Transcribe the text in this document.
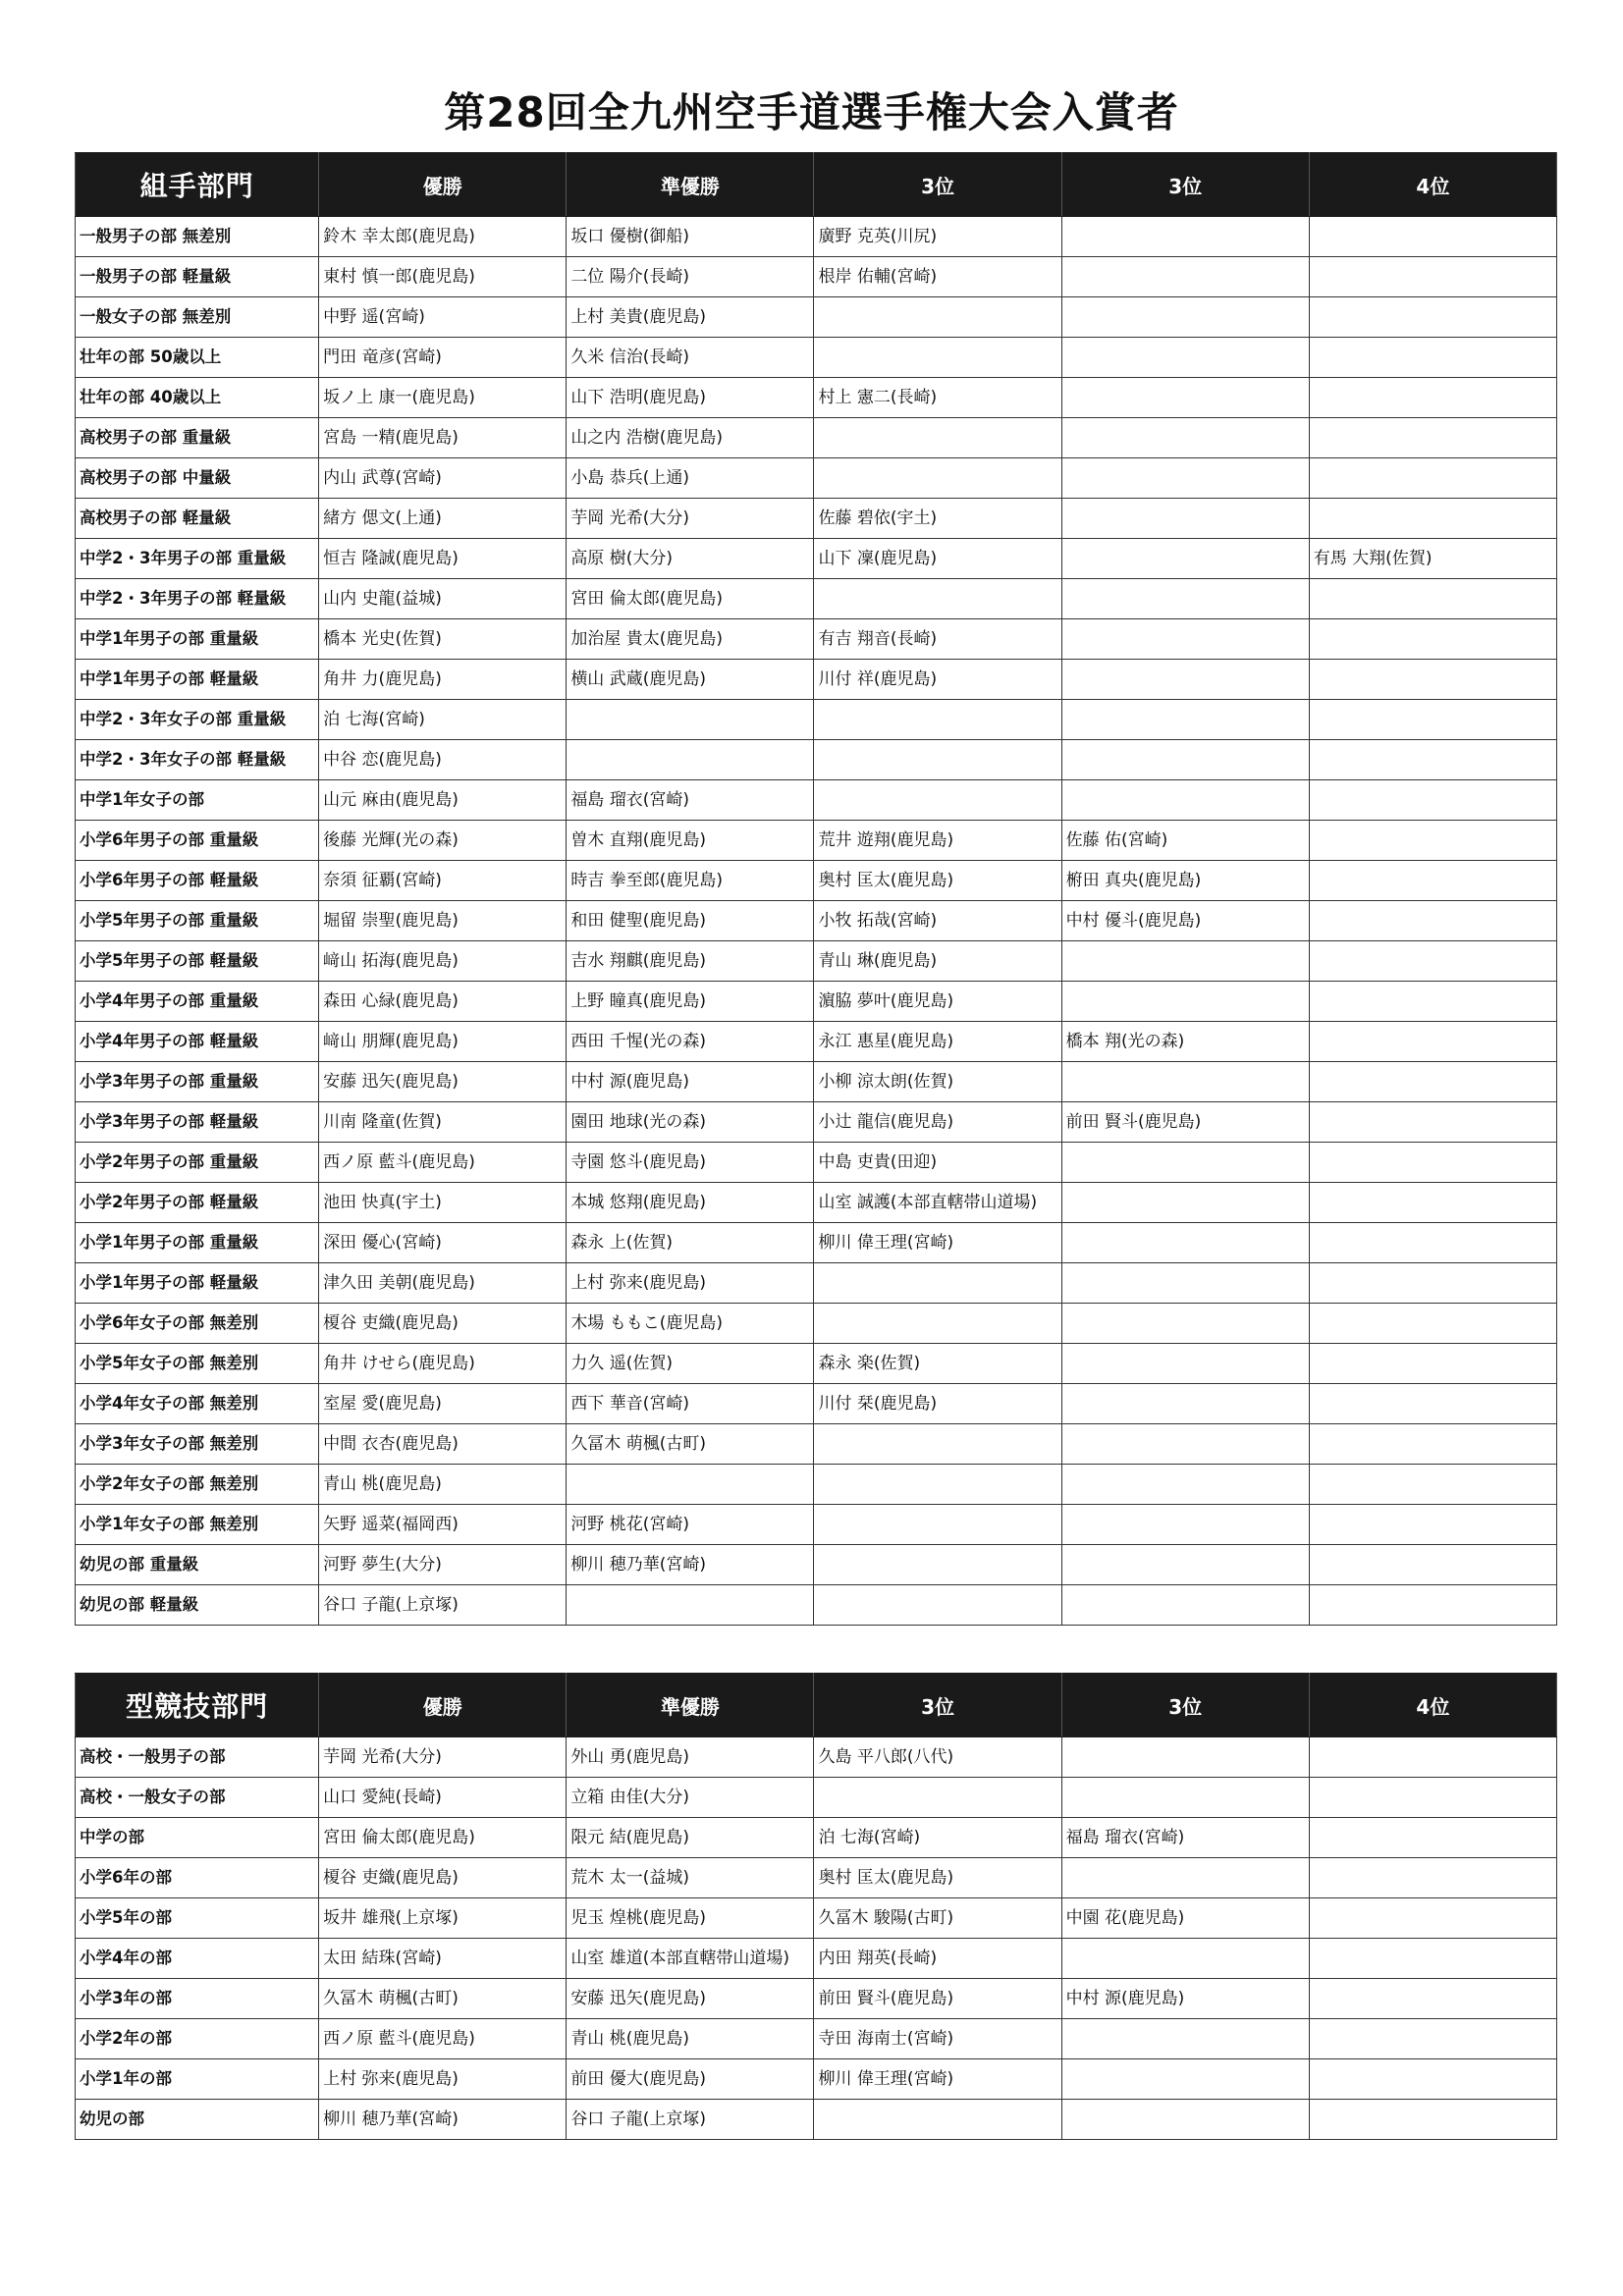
第28回全九州空手道選手権大会入賞者
組手部門	優勝	準優勝	3位	3位	4位
一般男子の部 無差別	鈴木 幸太郎(鹿児島)	坂口 優樹(御船)	廣野 克英(川尻)		
一般男子の部 軽量級	東村 慎一郎(鹿児島)	二位 陽介(長崎)	根岸 佑輔(宮崎)		
一般女子の部 無差別	中野 遥(宮崎)	上村 美貴(鹿児島)			
壮年の部 50歳以上	門田 竜彦(宮崎)	久米 信治(長崎)			
壮年の部 40歳以上	坂ノ上 康一(鹿児島)	山下 浩明(鹿児島)	村上 憲二(長崎)		
高校男子の部 重量級	宮島 一精(鹿児島)	山之内 浩樹(鹿児島)			
高校男子の部 中量級	内山 武尊(宮崎)	小島 恭兵(上通)			
高校男子の部 軽量級	緒方 偲文(上通)	芋岡 光希(大分)	佐藤 碧依(宇土)		
中学2・3年男子の部 重量級	恒吉 隆誠(鹿児島)	高原 樹(大分)	山下 凜(鹿児島)		有馬 大翔(佐賀)
中学2・3年男子の部 軽量級	山内 史龍(益城)	宮田 倫太郎(鹿児島)			
中学1年男子の部 重量級	橋本 光史(佐賀)	加治屋 貴太(鹿児島)	有吉 翔音(長崎)		
中学1年男子の部 軽量級	角井 力(鹿児島)	横山 武蔵(鹿児島)	川付 祥(鹿児島)		
中学2・3年女子の部 重量級	泊 七海(宮崎)				
中学2・3年女子の部 軽量級	中谷 恋(鹿児島)				
中学1年女子の部	山元 麻由(鹿児島)	福島 瑠衣(宮崎)			
小学6年男子の部 重量級	後藤 光輝(光の森)	曽木 直翔(鹿児島)	荒井 遊翔(鹿児島)	佐藤 佑(宮崎)	
小学6年男子の部 軽量級	奈須 征覇(宮崎)	時吉 拳至郎(鹿児島)	奥村 匡太(鹿児島)	椨田 真央(鹿児島)	
小学5年男子の部 重量級	堀留 崇聖(鹿児島)	和田 健聖(鹿児島)	小牧 拓哉(宮崎)	中村 優斗(鹿児島)	
小学5年男子の部 軽量級	﨑山 拓海(鹿児島)	吉水 翔麒(鹿児島)	青山 琳(鹿児島)		
小学4年男子の部 重量級	森田 心緑(鹿児島)	上野 瞳真(鹿児島)	濵脇 夢叶(鹿児島)		
小学4年男子の部 軽量級	﨑山 朋輝(鹿児島)	西田 千惺(光の森)	永江 惠星(鹿児島)	橋本 翔(光の森)	
小学3年男子の部 重量級	安藤 迅矢(鹿児島)	中村 源(鹿児島)	小柳 涼太朗(佐賀)		
小学3年男子の部 軽量級	川南 隆童(佐賀)	園田 地球(光の森)	小辻 龍信(鹿児島)	前田 賢斗(鹿児島)	
小学2年男子の部 重量級	西ノ原 藍斗(鹿児島)	寺園 悠斗(鹿児島)	中島 吏貴(田迎)		
小学2年男子の部 軽量級	池田 快真(宇土)	本城 悠翔(鹿児島)	山室 誠護(本部直轄帯山道場)		
小学1年男子の部 重量級	深田 優心(宮崎)	森永 上(佐賀)	柳川 偉王理(宮崎)		
小学1年男子の部 軽量級	津久田 美朝(鹿児島)	上村 弥来(鹿児島)			
小学6年女子の部 無差別	榎谷 吏織(鹿児島)	木場 ももこ(鹿児島)			
小学5年女子の部 無差別	角井 けせら(鹿児島)	力久 遥(佐賀)	森永 楽(佐賀)		
小学4年女子の部 無差別	室屋 愛(鹿児島)	西下 華音(宮崎)	川付 栞(鹿児島)		
小学3年女子の部 無差別	中間 衣杏(鹿児島)	久冨木 萌楓(古町)			
小学2年女子の部 無差別	青山 桃(鹿児島)				
小学1年女子の部 無差別	矢野 遥菜(福岡西)	河野 桃花(宮崎)			
幼児の部 重量級	河野 夢生(大分)	柳川 穂乃華(宮崎)			
幼児の部 軽量級	谷口 子龍(上京塚)				
型競技部門	優勝	準優勝	3位	3位	4位
高校・一般男子の部	芋岡 光希(大分)	外山 勇(鹿児島)	久島 平八郎(八代)		
高校・一般女子の部	山口 愛純(長崎)	立箱 由佳(大分)			
中学の部	宮田 倫太郎(鹿児島)	限元 結(鹿児島)	泊 七海(宮崎)	福島 瑠衣(宮崎)	
小学6年の部	榎谷 吏織(鹿児島)	荒木 太一(益城)	奥村 匡太(鹿児島)		
小学5年の部	坂井 雄飛(上京塚)	児玉 煌桃(鹿児島)	久冨木 駿陽(古町)	中園 花(鹿児島)	
小学4年の部	太田 結珠(宮崎)	山室 雄道(本部直轄帯山道場)	内田 翔英(長崎)		
小学3年の部	久冨木 萌楓(古町)	安藤 迅矢(鹿児島)	前田 賢斗(鹿児島)	中村 源(鹿児島)	
小学2年の部	西ノ原 藍斗(鹿児島)	青山 桃(鹿児島)	寺田 海南士(宮崎)		
小学1年の部	上村 弥来(鹿児島)	前田 優大(鹿児島)	柳川 偉王理(宮崎)		
幼児の部	柳川 穂乃華(宮崎)	谷口 子龍(上京塚)			
